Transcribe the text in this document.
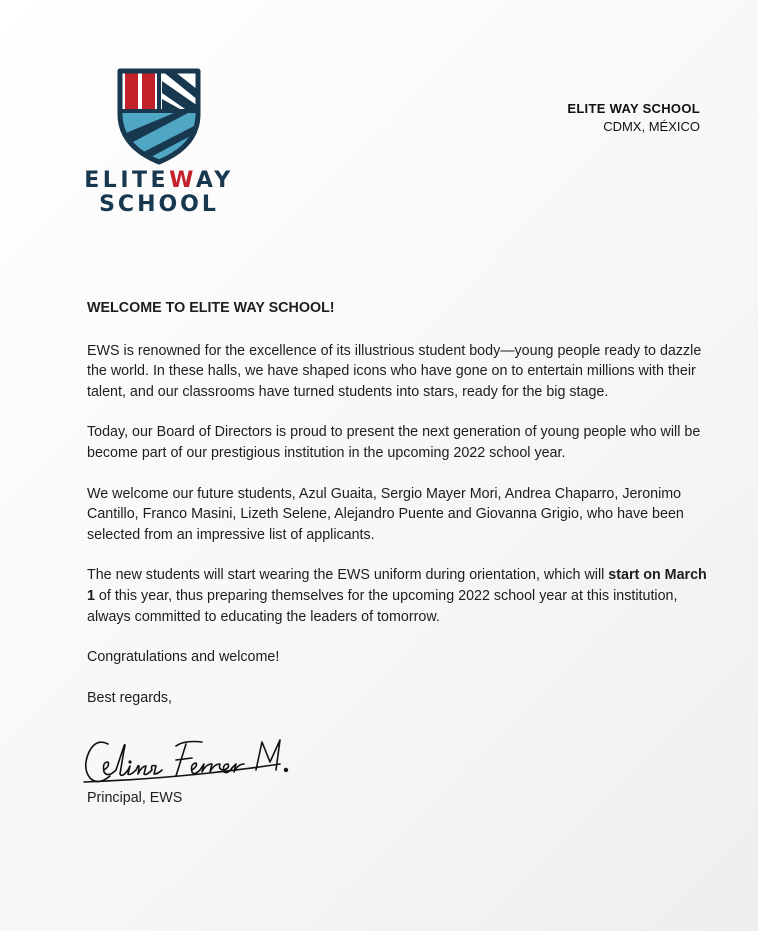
ELITEWAY
SCHOOL
ELITE WAY SCHOOL
CDMX, MÉXICO

WELCOME TO ELITE WAY SCHOOL!

EWS is renowned for the excellence of its illustrious student body—young people ready to dazzle the world. In these halls, we have shaped icons who have gone on to entertain millions with their talent, and our classrooms have turned students into stars, ready for the big stage.

Today, our Board of Directors is proud to present the next generation of young people who will be become part of our prestigious institution in the upcoming 2022 school year.

We welcome our future students, Azul Guaita, Sergio Mayer Mori, Andrea Chaparro, Jeronimo Cantillo, Franco Masini, Lizeth Selene, Alejandro Puente and Giovanna Grigio, who have been selected from an impressive list of applicants.

The new students will start wearing the EWS uniform during orientation, which will start on March 1 of this year, thus preparing themselves for the upcoming 2022 school year at this institution, always committed to educating the leaders of tomorrow.

Congratulations and welcome!

Best regards,

Principal, EWS
